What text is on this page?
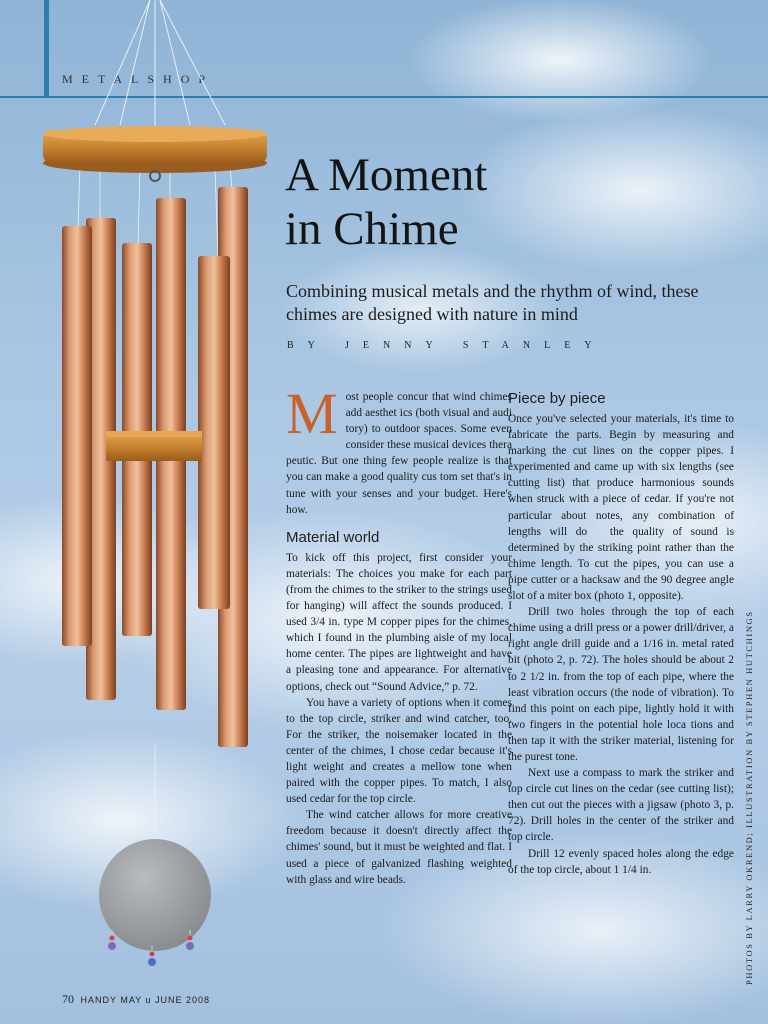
METALSHOP
A Moment
in Chime
Combining musical metals and the rhythm of wind, these chimes are designed with nature in mind
BY JENNY STANLEY

M ost people concur that wind chimes add aesthet ics (both visual and audi tory) to outdoor spaces. Some even consider these musical devices thera peutic. But one thing few people realize is that you can make a good quality cus tom set that's in tune with your senses and your budget. Here's how.

Material world

To kick off this project, first consider your materials: The choices you make for each part (from the chimes to the striker to the strings used for hanging) will affect the sounds produced. I used 3/4 in. type M copper pipes for the chimes, which I found in the plumbing aisle of my local home center. The pipes are lightweight and have a pleasing tone and appearance. For alternative options, check out “Sound Advice,” p. 72.

You have a variety of options when it comes to the top circle, striker and wind catcher, too. For the striker, the noisemaker located in the center of the chimes, I chose cedar because it's light weight and creates a mellow tone when paired with the copper pipes. To match, I also used cedar for the top circle.

The wind catcher allows for more creative freedom because it doesn't directly affect the chimes' sound, but it must be weighted and flat. I used a piece of galvanized flashing weighted with glass and wire beads.

Piece by piece

Once you've selected your materials, it's time to fabricate the parts. Begin by measuring and marking the cut lines on the copper pipes. I experimented and came up with six lengths (see cutting list) that produce harmonious sounds when struck with a piece of cedar. If you're not particular about notes, any combination of lengths will do   the quality of sound is determined by the striking point rather than the chime length. To cut the pipes, you can use a pipe cutter or a hacksaw and the 90 degree angle slot of a miter box (photo 1, opposite).

Drill two holes through the top of each chime using a drill press or a power drill/driver, a right angle drill guide and a 1/16 in. metal rated bit (photo 2, p. 72). The holes should be about 2 to 2 1/2 in. from the top of each pipe, where the least vibration occurs (the node of vibration). To find this point on each pipe, lightly hold it with two fingers in the potential hole loca tions and then tap it with the striker material, listening for the purest tone.

Next use a compass to mark the striker and top circle cut lines on the cedar (see cutting list); then cut out the pieces with a jigsaw (photo 3, p. 72). Drill holes in the center of the striker and top circle.

Drill 12 evenly spaced holes along the edge of the top circle, about 1 1/4 in.	PHOTOS BY LARRY OKREND; ILLUSTRATION BY STEPHEN HUTCHINGS
70 HANDY MAY u JUNE 2008
